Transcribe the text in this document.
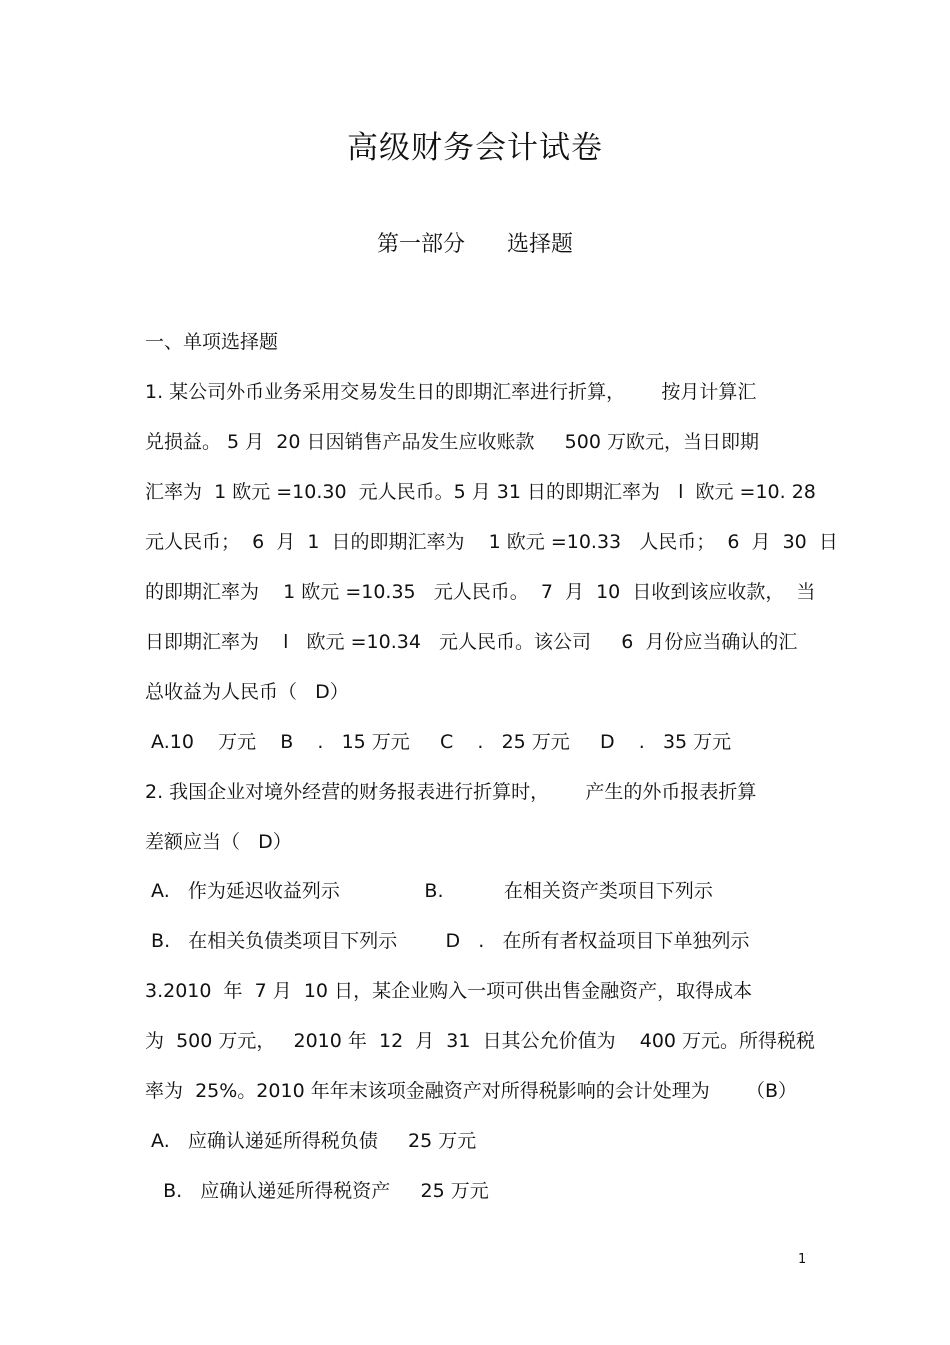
高级财务会计试卷
第一部分      选择题
一、单项选择题
1. 某公司外币业务采用交易发生日的即期汇率进行折算，      按月计算汇
兑损益。 5 月  20 日因销售产品发生应收账款     500 万欧元，当日即期
汇率为  1 欧元 =10.30  元人民币。5 月 31 日的即期汇率为   l  欧元 =10. 28
元人民币；  6  月  1  日的即期汇率为    1 欧元 =10.33   人民币；  6  月  30  日
的即期汇率为    1 欧元 =10.35   元人民币。  7  月  10  日收到该应收款，  当
日即期汇率为    l   欧元 =10.34   元人民币。该公司     6  月份应当确认的汇
总收益为人民币（   D）
A.10    万元    B    .   15 万元     C    .   25 万元     D    .   35 万元
2. 我国企业对境外经营的财务报表进行折算时，      产生的外币报表折算
差额应当（   D）
A.   作为延迟收益列示              B.          在相关资产类项目下列示
B.   在相关负债类项目下列示        D   .   在所有者权益项目下单独列示
3.2010  年  7 月  10 日，某企业购入一项可供出售金融资产，取得成本
为  500 万元，   2010 年  12  月  31  日其公允价值为    400 万元。所得税税
率为  25%。2010 年年末该项金融资产对所得税影响的会计处理为      （B）
A.   应确认递延所得税负债     25 万元
B.   应确认递延所得税资产     25 万元
1
